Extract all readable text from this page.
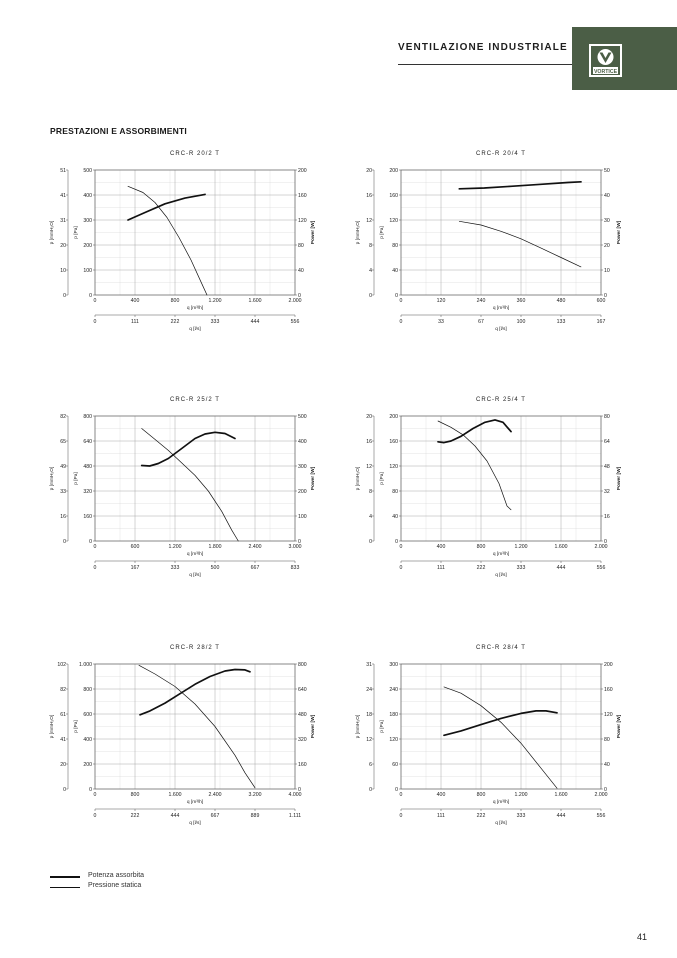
VENTILAZIONE INDUSTRIALE
VORTICE
PRESTAZIONI E ASSORBIMENTI
CRC-R 20/2 T
0
100
200
300
400
500
0
10
20
31
41
51
0
40
80
120
160
200
p [Pa]
p [mmH₂O]	Power [W]
0	400	800	1.200	1.600	2.000
q [m³/h]
0	111	222	333	444	556
q [l/s]
CRC-R 20/4 T
0
40
80
120
160
200
0
4
8
12
16
20
0
10
20
30
40
50
p [Pa]
p [mmH₂O]	Power [W]
0	120	240	360	480	600
q [m³/h]
0	33	67	100	133	167
q [l/s]
CRC-R 25/2 T
0
160
320
480
640
800
0
16
33
49
65
82
0
100
200
300
400
500
p [Pa]
p [mmH₂O]	Power [W]
0	600	1.200	1.800	2.400	3.000
q [m³/h]
0	167	333	500	667	833
q [l/s]
CRC-R 25/4 T
0
40
80
120
160
200
0
4
8
12
16
20
0
16
32
48
64
80
p [Pa]
p [mmH₂O]	Power [W]
0	400	800	1.200	1.600	2.000
q [m³/h]
0	111	222	333	444	556
q [l/s]
CRC-R 28/2 T
0
200
400
600
800
1.000
0
20
41
61
82
102
0
160
320
480
640
800
p [Pa]
p [mmH₂O]	Power [W]
0	800	1.600	2.400	3.200	4.000
q [m³/h]
0	222	444	667	889	1.111
q [l/s]
CRC-R 28/4 T
0
60
120
180
240
300
0
6
12
18
24
31
0
40
80
120
160
200
p [Pa]
p [mmH₂O]	Power [W]
0	400	800	1.200	1.600	2.000
q [m³/h]
0	111	222	333	444	556
q [l/s]
Potenza assorbita
Pressione statica
41
